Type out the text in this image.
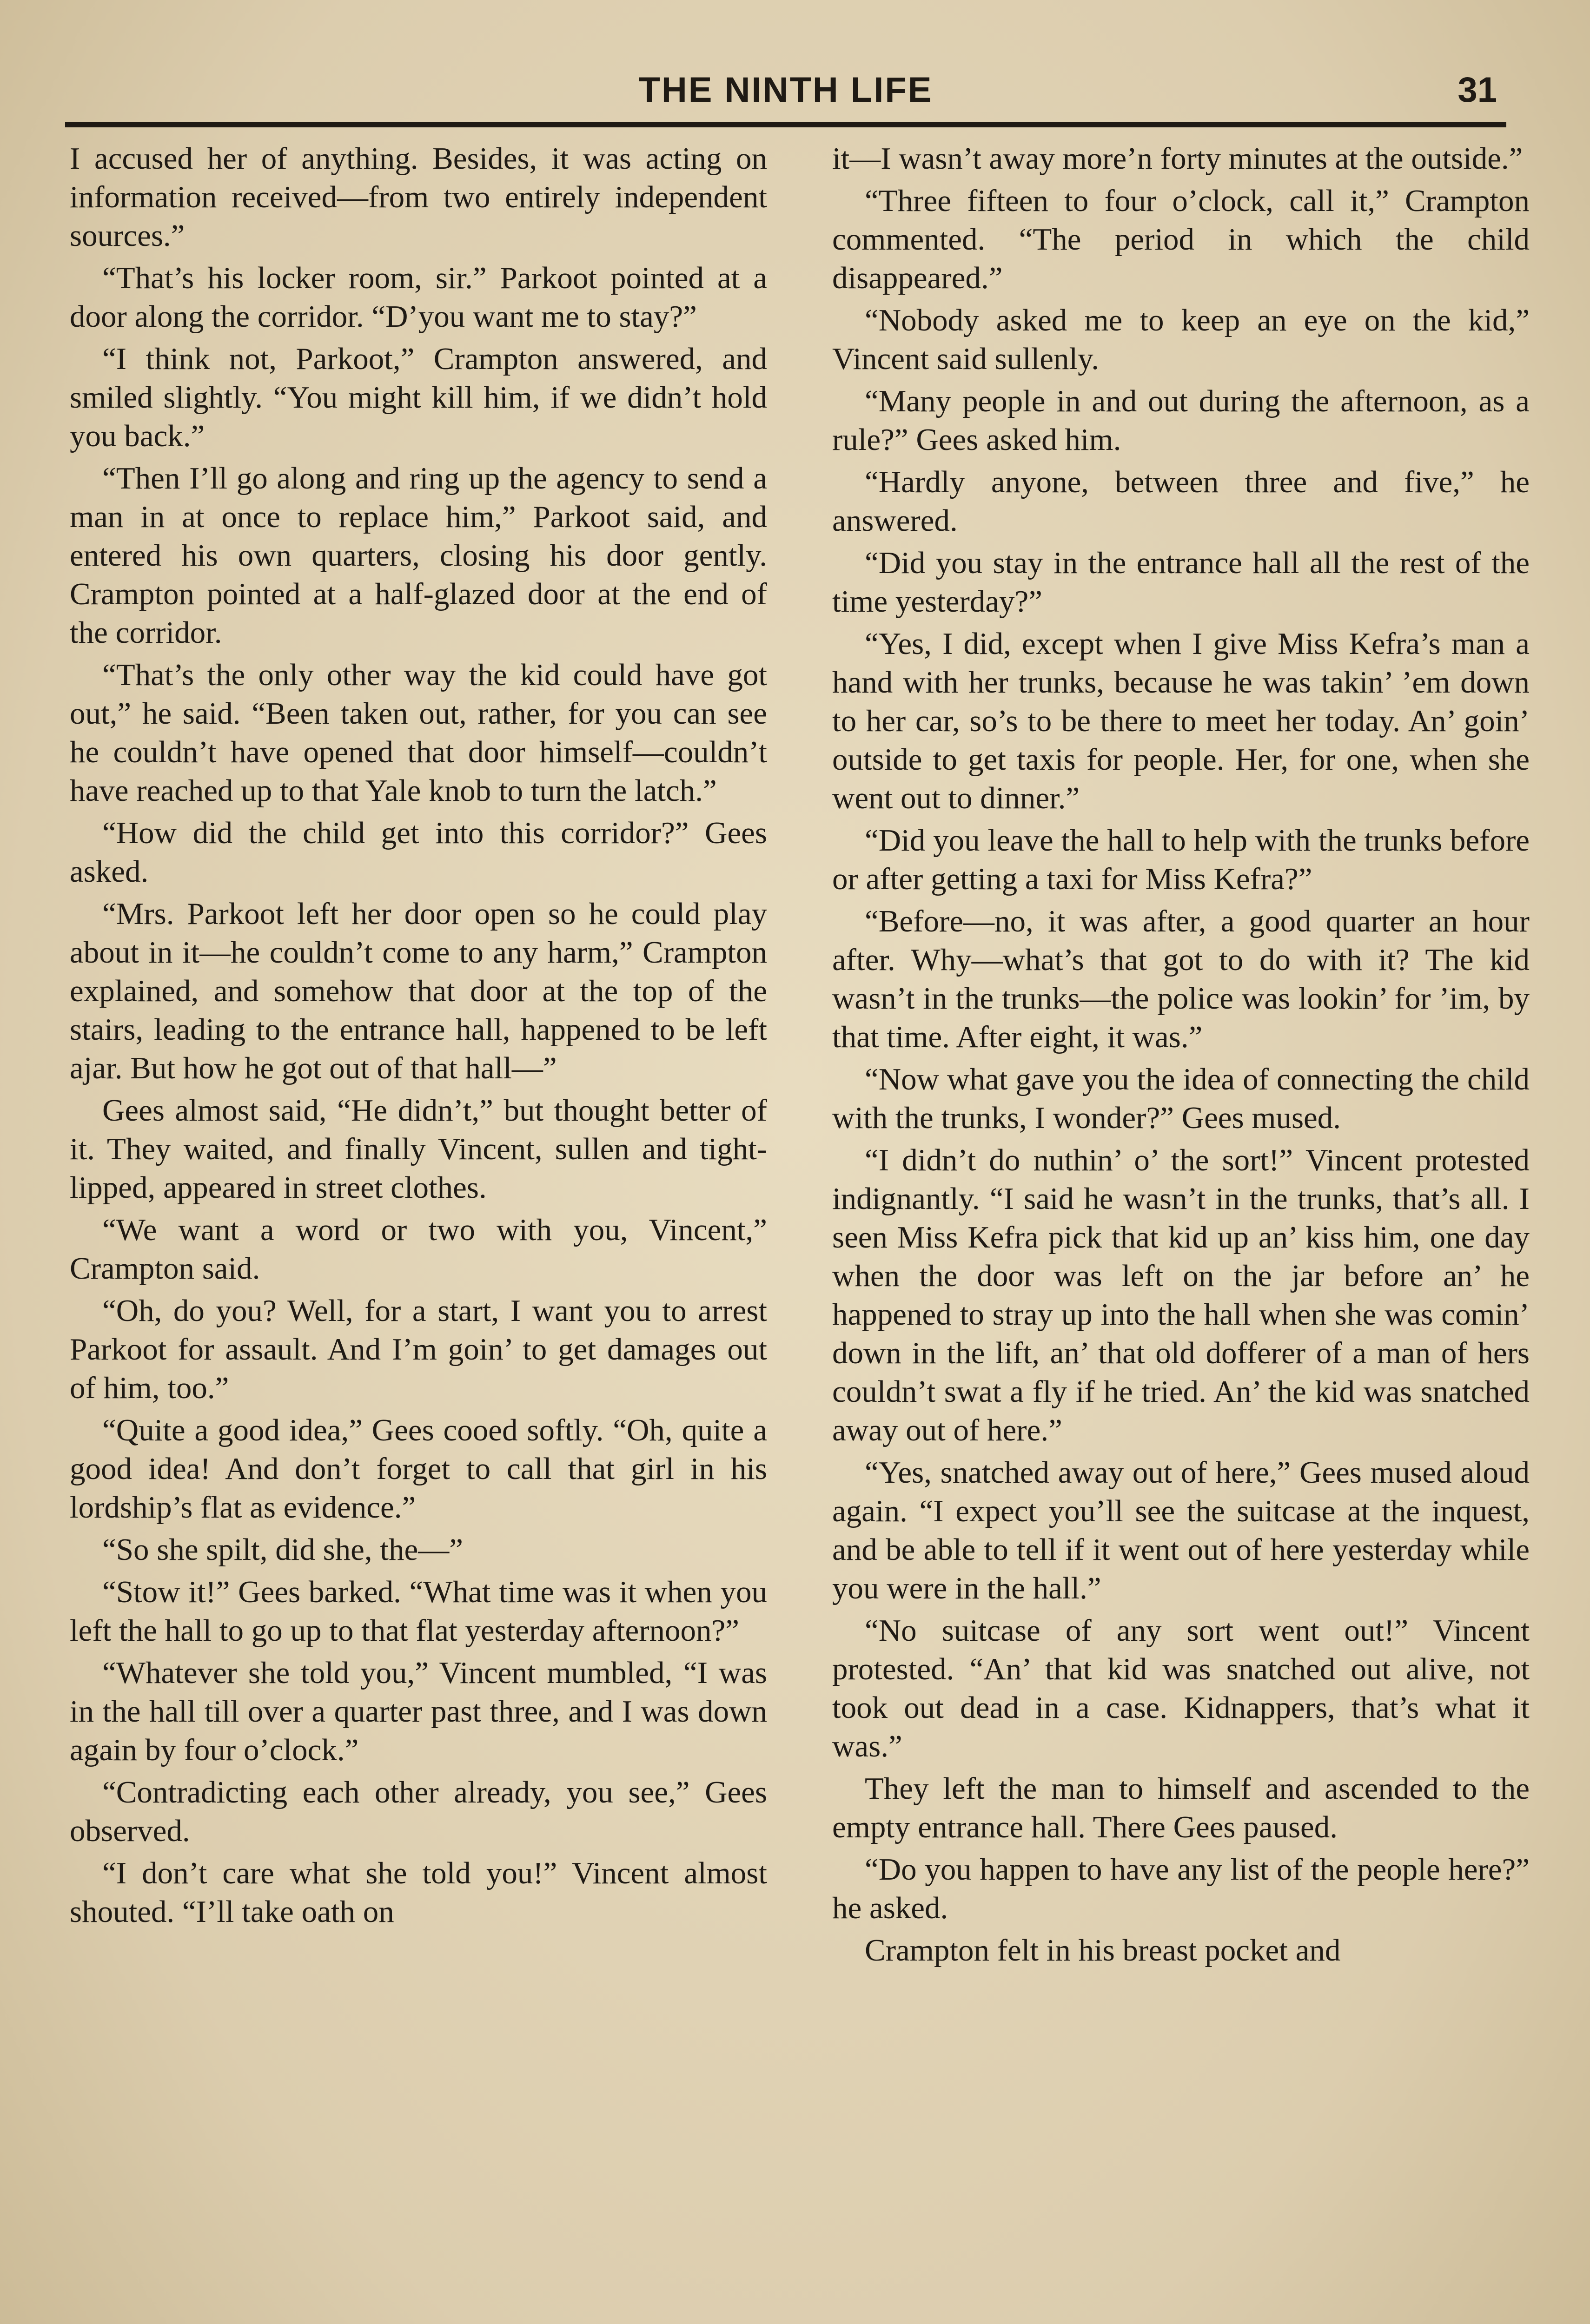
THE NINTH LIFE	31

I accused her of anything. Besides, it was acting on information received—from two entirely independent sources.”

“That’s his locker room, sir.” Parkoot pointed at a door along the corridor. “D’you want me to stay?”

“I think not, Parkoot,” Crampton answered, and smiled slightly. “You might kill him, if we didn’t hold you back.”

“Then I’ll go along and ring up the agency to send a man in at once to replace him,” Parkoot said, and entered his own quarters, closing his door gently. Crampton pointed at a half-glazed door at the end of the corridor.

“That’s the only other way the kid could have got out,” he said. “Been taken out, rather, for you can see he couldn’t have opened that door himself—couldn’t have reached up to that Yale knob to turn the latch.”

“How did the child get into this corridor?” Gees asked.

“Mrs. Parkoot left her door open so he could play about in it—he couldn’t come to any harm,” Crampton explained, and somehow that door at the top of the stairs, leading to the entrance hall, happened to be left ajar. But how he got out of that hall—”

Gees almost said, “He didn’t,” but thought better of it. They waited, and finally Vincent, sullen and tight-lipped, appeared in street clothes.

“We want a word or two with you, Vincent,” Crampton said.

“Oh, do you? Well, for a start, I want you to arrest Parkoot for assault. And I’m goin’ to get damages out of him, too.”

“Quite a good idea,” Gees cooed softly. “Oh, quite a good idea! And don’t forget to call that girl in his lordship’s flat as evidence.”

“So she spilt, did she, the—”

“Stow it!” Gees barked. “What time was it when you left the hall to go up to that flat yesterday afternoon?”

“Whatever she told you,” Vincent mumbled, “I was in the hall till over a quarter past three, and I was down again by four o’clock.”

“Contradicting each other already, you see,” Gees observed.

“I don’t care what she told you!” Vincent almost shouted. “I’ll take oath on

it—I wasn’t away more’n forty minutes at the outside.”

“Three fifteen to four o’clock, call it,” Crampton commented. “The period in which the child disappeared.”

“Nobody asked me to keep an eye on the kid,” Vincent said sullenly.

“Many people in and out during the afternoon, as a rule?” Gees asked him.

“Hardly anyone, between three and five,” he answered.

“Did you stay in the entrance hall all the rest of the time yesterday?”

“Yes, I did, except when I give Miss Kefra’s man a hand with her trunks, because he was takin’ ’em down to her car, so’s to be there to meet her today. An’ goin’ outside to get taxis for people. Her, for one, when she went out to dinner.”

“Did you leave the hall to help with the trunks before or after getting a taxi for Miss Kefra?”

“Before—no, it was after, a good quarter an hour after. Why—what’s that got to do with it? The kid wasn’t in the trunks—the police was lookin’ for ’im, by that time. After eight, it was.”

“Now what gave you the idea of connecting the child with the trunks, I wonder?” Gees mused.

“I didn’t do nuthin’ o’ the sort!” Vincent protested indignantly. “I said he wasn’t in the trunks, that’s all. I seen Miss Kefra pick that kid up an’ kiss him, one day when the door was left on the jar before an’ he happened to stray up into the hall when she was comin’ down in the lift, an’ that old dofferer of a man of hers couldn’t swat a fly if he tried. An’ the kid was snatched away out of here.”

“Yes, snatched away out of here,” Gees mused aloud again. “I expect you’ll see the suitcase at the inquest, and be able to tell if it went out of here yesterday while you were in the hall.”

“No suitcase of any sort went out!” Vincent protested. “An’ that kid was snatched out alive, not took out dead in a case. Kidnappers, that’s what it was.”

They left the man to himself and ascended to the empty entrance hall. There Gees paused.

“Do you happen to have any list of the people here?” he asked.

Crampton felt in his breast pocket and
